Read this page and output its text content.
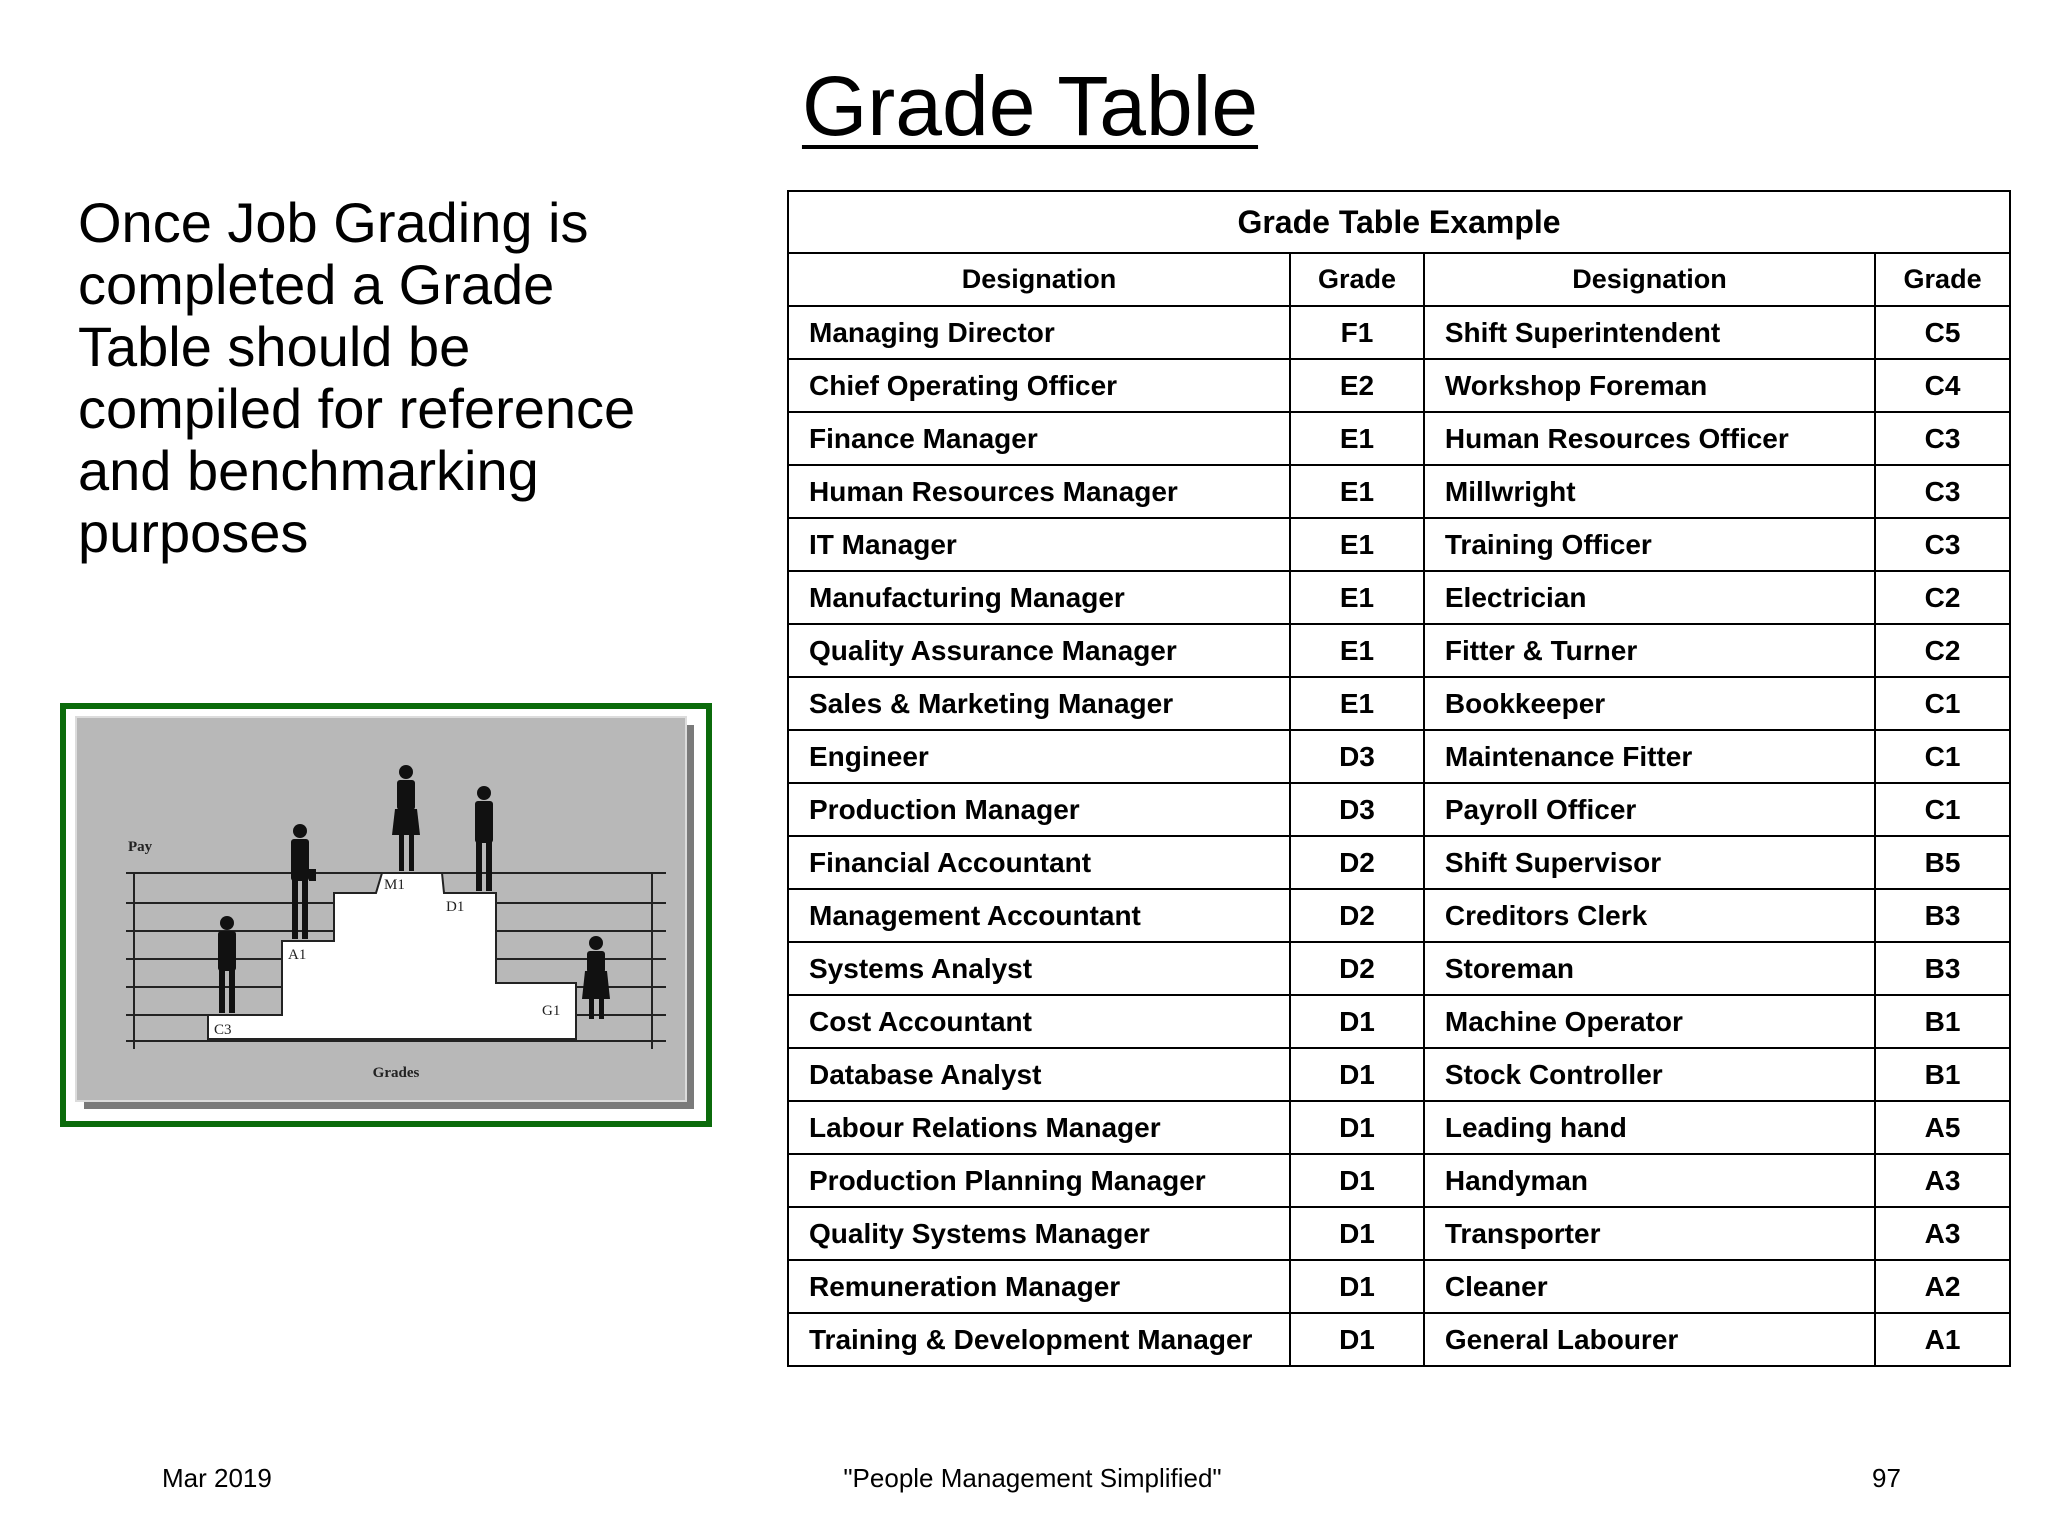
Grade Table
Once Job Grading is completed a Grade Table should be compiled for reference and benchmarking purposes
C3
A1
M1
D1
G1
Pay
Grades
Grade Table Example			
Designation	Grade	Designation	Grade
Managing Director	F1	Shift Superintendent	C5
Chief Operating Officer	E2	Workshop Foreman	C4
Finance Manager	E1	Human Resources Officer	C3
Human Resources Manager	E1	Millwright	C3
IT Manager	E1	Training Officer	C3
Manufacturing Manager	E1	Electrician	C2
Quality Assurance Manager	E1	Fitter & Turner	C2
Sales & Marketing Manager	E1	Bookkeeper	C1
Engineer	D3	Maintenance Fitter	C1
Production Manager	D3	Payroll Officer	C1
Financial Accountant	D2	Shift Supervisor	B5
Management Accountant	D2	Creditors Clerk	B3
Systems Analyst	D2	Storeman	B3
Cost Accountant	D1	Machine Operator	B1
Database Analyst	D1	Stock Controller	B1
Labour Relations Manager	D1	Leading hand	A5
Production Planning Manager	D1	Handyman	A3
Quality Systems Manager	D1	Transporter	A3
Remuneration Manager	D1	Cleaner	A2
Training & Development Manager	D1	General Labourer	A1
Mar 2019	"People Management Simplified"	97
